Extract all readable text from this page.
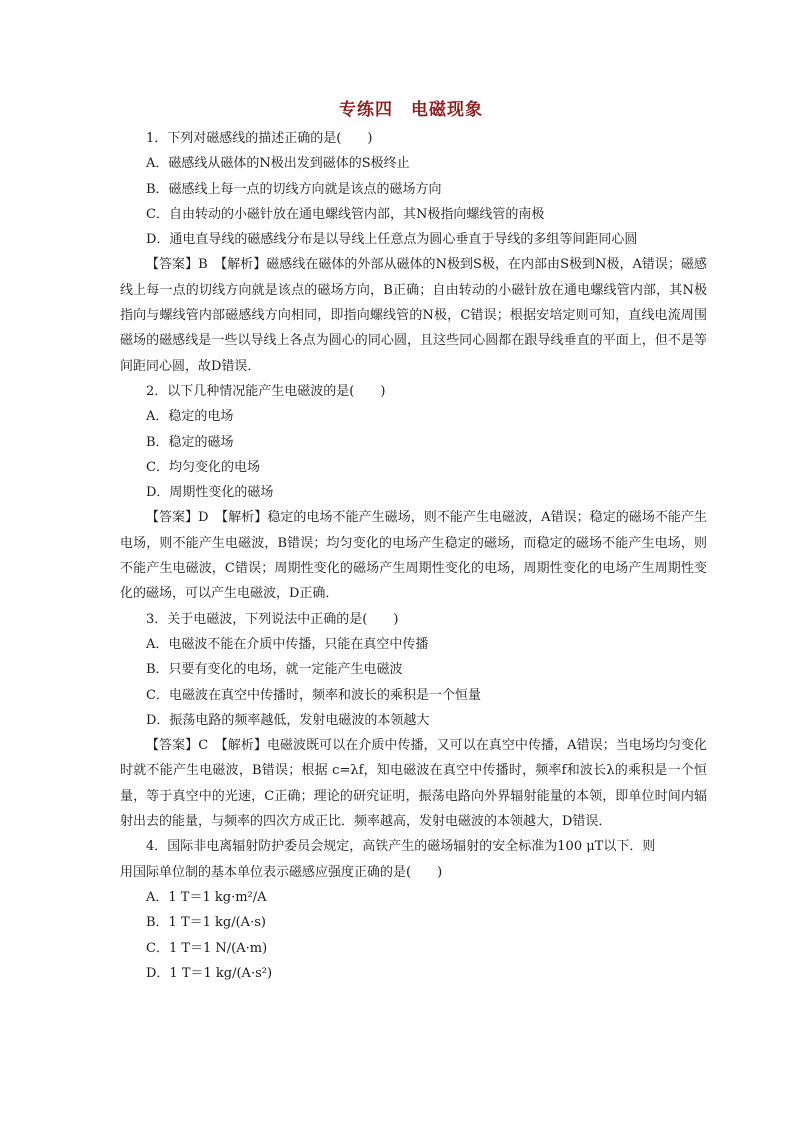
专练四 电磁现象
1．下列对磁感线的描述正确的是(　　)
A．磁感线从磁体的N极出发到磁体的S极终止
B．磁感线上每一点的切线方向就是该点的磁场方向
C．自由转动的小磁针放在通电螺线管内部，其N极指向螺线管的南极
D．通电直导线的磁感线分布是以导线上任意点为圆心垂直于导线的多组等间距同心圆
【答案】B　【解析】磁感线在磁体的外部从磁体的N极到S极，在内部由S极到N极，A错误；磁感线上每一点的切线方向就是该点的磁场方向，B正确；自由转动的小磁针放在通电螺线管内部，其N极指向与螺线管内部磁感线方向相同，即指向螺线管的N极，C错误；根据安培定则可知，直线电流周围磁场的磁感线是一些以导线上各点为圆心的同心圆，且这些同心圆都在跟导线垂直的平面上，但不是等间距同心圆，故D错误．
2．以下几种情况能产生电磁波的是(　　)
A．稳定的电场
B．稳定的磁场
C．均匀变化的电场
D．周期性变化的磁场
【答案】D　【解析】稳定的电场不能产生磁场，则不能产生电磁波，A错误；稳定的磁场不能产生电场，则不能产生电磁波，B错误；均匀变化的电场产生稳定的磁场，而稳定的磁场不能产生电场，则不能产生电磁波，C错误；周期性变化的磁场产生周期性变化的电场，周期性变化的电场产生周期性变化的磁场，可以产生电磁波，D正确．
3．关于电磁波，下列说法中正确的是(　　)
A．电磁波不能在介质中传播，只能在真空中传播
B．只要有变化的电场，就一定能产生电磁波
C．电磁波在真空中传播时，频率和波长的乘积是一个恒量
D．振荡电路的频率越低，发射电磁波的本领越大
【答案】C　【解析】电磁波既可以在介质中传播，又可以在真空中传播，A错误；当电场均匀变化时就不能产生电磁波，B错误；根据 c=λf，知电磁波在真空中传播时，频率f和波长λ的乘积是一个恒量，等于真空中的光速，C正确；理论的研究证明，振荡电路向外界辐射能量的本领，即单位时间内辐射出去的能量，与频率的四次方成正比．频率越高，发射电磁波的本领越大，D错误．
4．国际非电离辐射防护委员会规定，高铁产生的磁场辐射的安全标准为100 μT以下．则
用国际单位制的基本单位表示磁感应强度正确的是(　　)
A．1 T＝1 kg·m²/A
B．1 T＝1 kg/(A·s)
C．1 T＝1 N/(A·m)
D．1 T＝1 kg/(A·s²)
